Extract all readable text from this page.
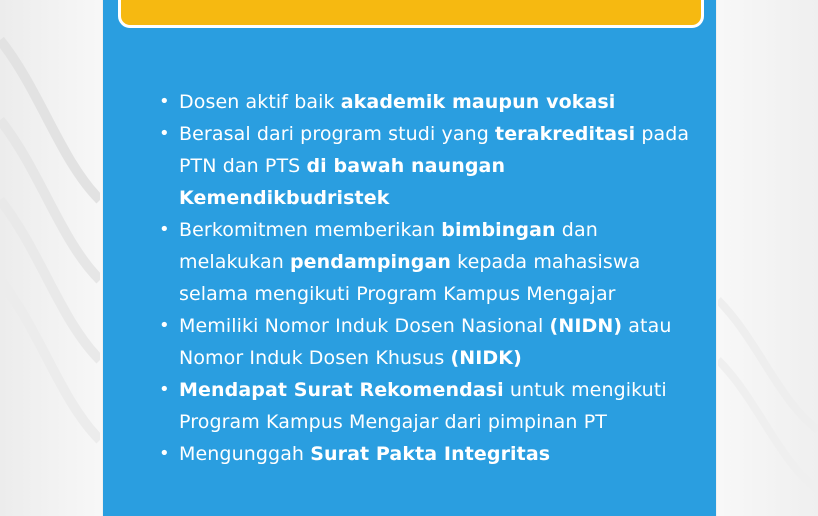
• Dosen aktif baik akademik maupun vokasi
• Berasal dari program studi yang terakreditasi pada PTN dan PTS di bawah naungan Kemendikbudristek
• Berkomitmen memberikan bimbingan dan melakukan pendampingan kepada mahasiswa selama mengikuti Program Kampus Mengajar
• Memiliki Nomor Induk Dosen Nasional (NIDN) atau Nomor Induk Dosen Khusus (NIDK)
• Mendapat Surat Rekomendasi untuk mengikuti Program Kampus Mengajar dari pimpinan PT
• Mengunggah Surat Pakta Integritas
